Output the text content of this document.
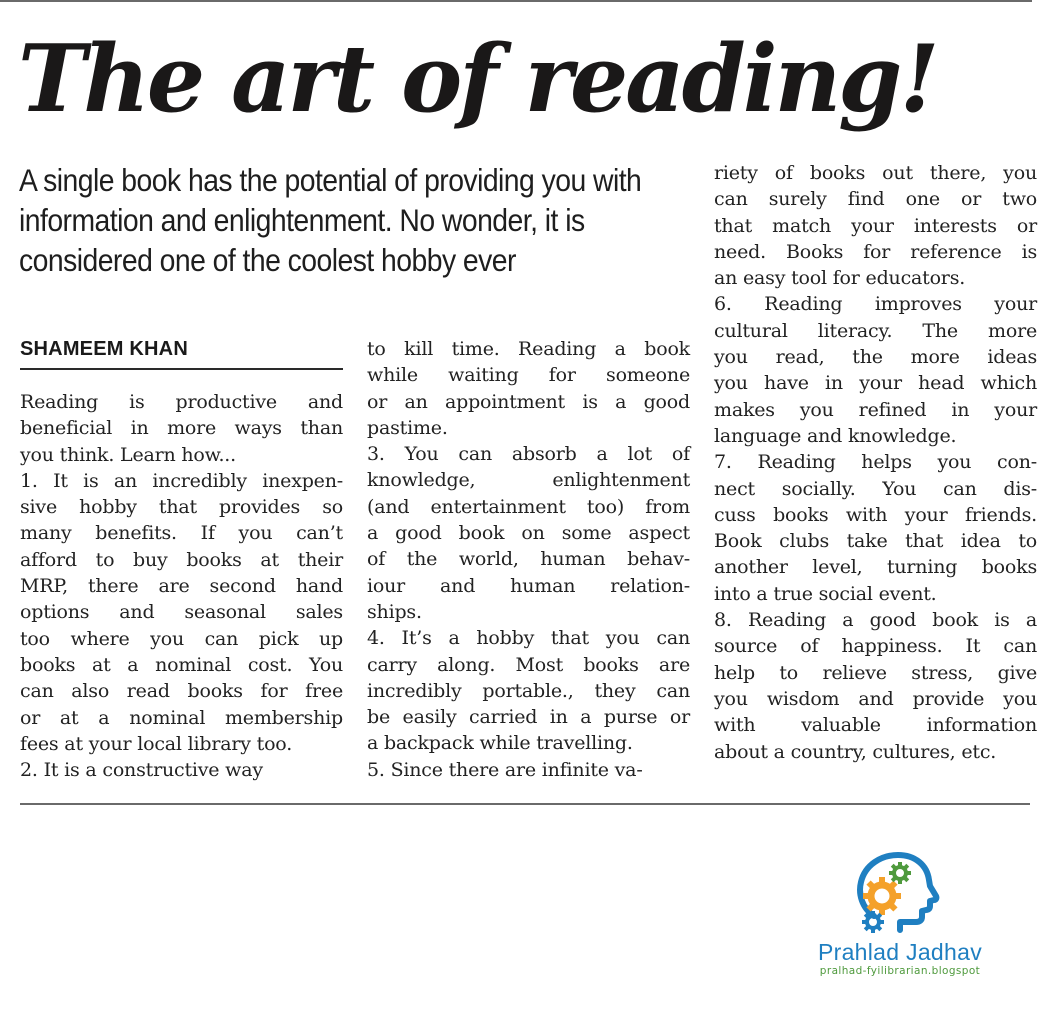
The art of reading!

A single book has the potential of providing you with information and enlightenment. No wonder, it is considered one of the coolest hobby ever

SHAMEEM KHAN

Reading is productive and

beneficial in more ways than

you think. Learn how...

1. It is an incredibly inexpen-

sive hobby that provides so

many benefits. If you can’t

afford to buy books at their

MRP, there are second hand

options and seasonal sales

too where you can pick up

books at a nominal cost. You

can also read books for free

or at a nominal membership

fees at your local library too.

2. It is a constructive way

to kill time. Reading a book

while waiting for someone

or an appointment is a good

pastime.

3. You can absorb a lot of

knowledge, enlightenment

(and entertainment too) from

a good book on some aspect

of the world, human behav-

iour and human relation-

ships.

4. It’s a hobby that you can

carry along. Most books are

incredibly portable., they can

be easily carried in a purse or

a backpack while travelling.

5. Since there are infinite va-

riety of books out there, you

can surely find one or two

that match your interests or

need. Books for reference is

an easy tool for educators.

6. Reading improves your

cultural literacy. The more

you read, the more ideas

you have in your head which

makes you refined in your

language and knowledge.

7. Reading helps you con-

nect socially. You can dis-

cuss books with your friends.

Book clubs take that idea to

another level, turning books

into a true social event.

8. Reading a good book is a

source of happiness. It can

help to relieve stress, give

you wisdom and provide you

with valuable information

about a country, cultures, etc.

Prahlad Jadhav
pralhad-fyilibrarian.blogspot
